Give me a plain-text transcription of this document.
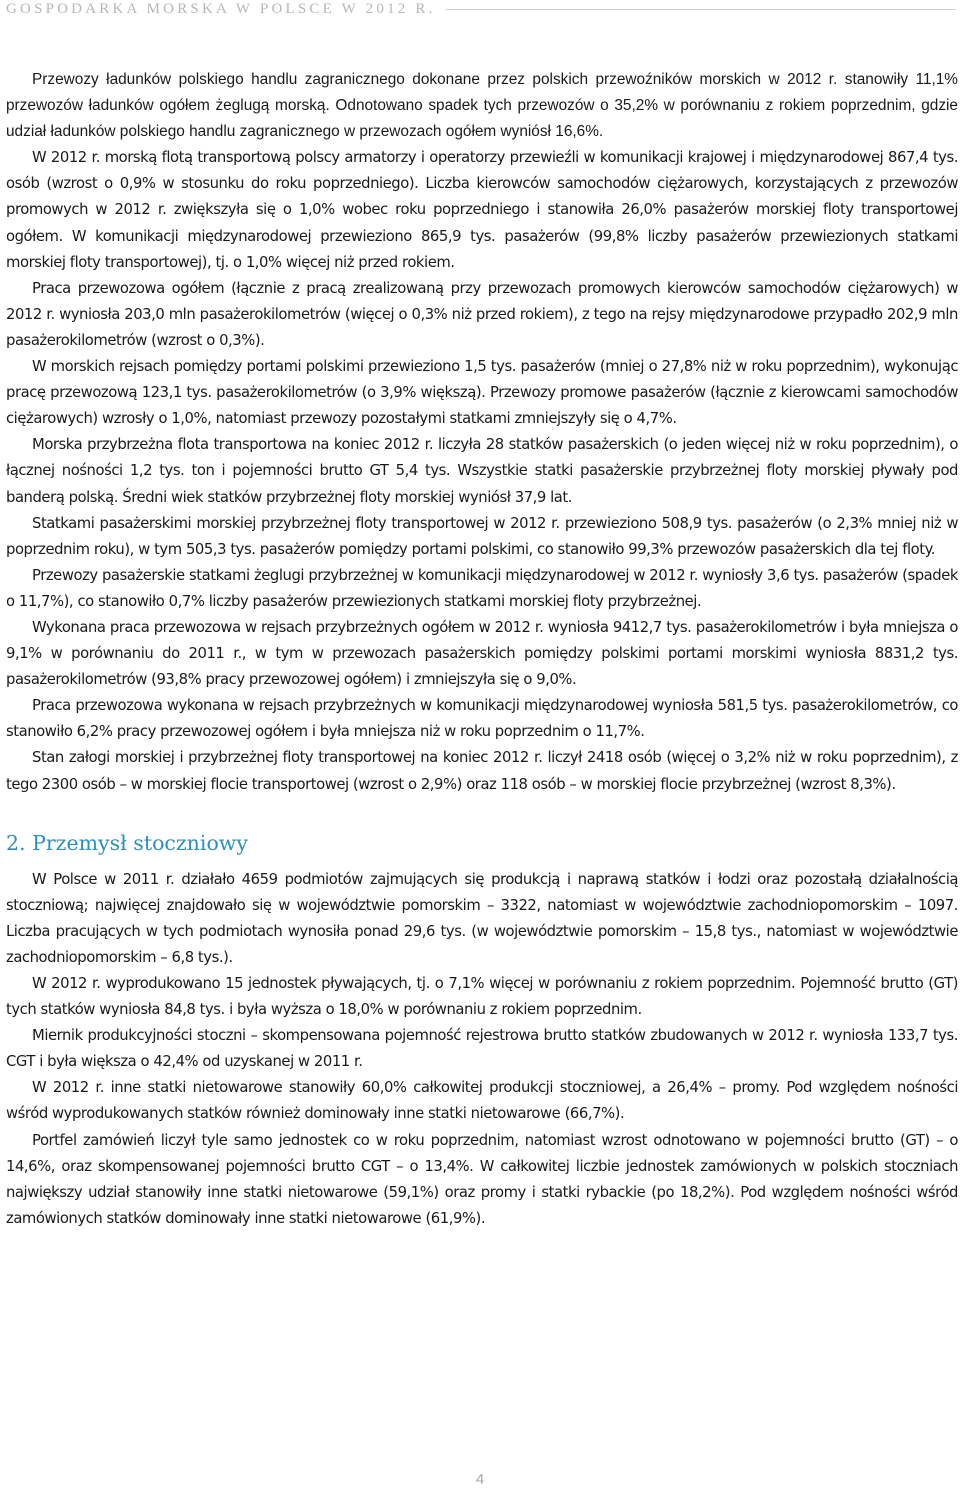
GOSPODARKA MORSKA W POLSCE W 2012 R.

Przewozy ładunków polskiego handlu zagranicznego dokonane przez polskich przewoźników morskich w 2012 r. stanowiły 11,1% przewozów ładunków ogółem żeglugą morską. Odnotowano spadek tych przewozów o 35,2% w porównaniu z rokiem poprzednim, gdzie udział ładunków polskiego handlu zagranicznego w przewozach ogółem wyniósł 16,6%.

W 2012 r. morską flotą transportową polscy armatorzy i operatorzy przewieźli w komunikacji krajowej i międzynarodowej 867,4 tys. osób (wzrost o 0,9% w stosunku do roku poprzedniego). Liczba kierowców samochodów ciężarowych, korzystających z przewozów promowych w 2012 r. zwiększyła się o 1,0% wobec roku poprzedniego i stanowiła 26,0% pasażerów morskiej floty transportowej ogółem. W komunikacji międzynarodowej przewieziono 865,9 tys. pasażerów (99,8% liczby pasażerów przewiezionych statkami morskiej floty transportowej), tj. o 1,0% więcej niż przed rokiem.

Praca przewozowa ogółem (łącznie z pracą zrealizowaną przy przewozach promowych kierowców samochodów ciężarowych) w 2012 r. wyniosła 203,0 mln pasażerokilometrów (więcej o 0,3% niż przed rokiem), z tego na rejsy międzynarodowe przypadło 202,9 mln pasażerokilometrów (wzrost o 0,3%).

W morskich rejsach pomiędzy portami polskimi przewieziono 1,5 tys. pasażerów (mniej o 27,8% niż w roku poprzednim), wykonując pracę przewozową 123,1 tys. pasażerokilometrów (o 3,9% większą). Przewozy promowe pasażerów (łącznie z kierowcami samochodów ciężarowych) wzrosły o 1,0%, natomiast przewozy pozostałymi statkami zmniejszyły się o 4,7%.

Morska przybrzeżna flota transportowa na koniec 2012 r. liczyła 28 statków pasażerskich (o jeden więcej niż w roku poprzednim), o łącznej nośności 1,2 tys. ton i pojemności brutto GT 5,4 tys. Wszystkie statki pasażerskie przybrzeżnej floty morskiej pływały pod banderą polską. Średni wiek statków przybrzeżnej floty morskiej wyniósł 37,9 lat.

Statkami pasażerskimi morskiej przybrzeżnej floty transportowej w 2012 r. przewieziono 508,9 tys. pasażerów (o 2,3% mniej niż w poprzednim roku), w tym 505,3 tys. pasażerów pomiędzy portami polskimi, co stanowiło 99,3% przewozów pasażerskich dla tej floty.

Przewozy pasażerskie statkami żeglugi przybrzeżnej w komunikacji międzynarodowej w 2012 r. wyniosły 3,6 tys. pasażerów (spadek o 11,7%), co stanowiło 0,7% liczby pasażerów przewiezionych statkami morskiej floty przybrzeżnej.

Wykonana praca przewozowa w rejsach przybrzeżnych ogółem w 2012 r. wyniosła 9412,7 tys. pasażerokilometrów i była mniejsza o 9,1% w porównaniu do 2011 r., w tym w przewozach pasażerskich pomiędzy polskimi portami morskimi wyniosła 8831,2 tys. pasażerokilometrów (93,8% pracy przewozowej ogółem) i zmniejszyła się o 9,0%.

Praca przewozowa wykonana w rejsach przybrzeżnych w komunikacji międzynarodowej wyniosła 581,5 tys. pasażerokilometrów, co stanowiło 6,2% pracy przewozowej ogółem i była mniejsza niż w roku poprzednim o 11,7%.

Stan załogi morskiej i przybrzeżnej floty transportowej na koniec 2012 r. liczył 2418 osób (więcej o 3,2% niż w roku poprzednim), z tego 2300 osób – w morskiej flocie transportowej (wzrost o 2,9%) oraz 118 osób – w morskiej flocie przybrzeżnej (wzrost 8,3%).

2. Przemysł stoczniowy

W Polsce w 2011 r. działało 4659 podmiotów zajmujących się produkcją i naprawą statków i łodzi oraz pozostałą działalnością stoczniową; najwięcej znajdowało się w województwie pomorskim – 3322, natomiast w województwie zachodniopomorskim – 1097. Liczba pracujących w tych podmiotach wynosiła ponad 29,6 tys. (w województwie pomorskim – 15,8 tys., natomiast w województwie zachodniopomorskim – 6,8 tys.).

W 2012 r. wyprodukowano 15 jednostek pływających, tj. o 7,1% więcej w porównaniu z rokiem poprzednim. Pojemność brutto (GT) tych statków wyniosła 84,8 tys. i była wyższa o 18,0% w porównaniu z rokiem poprzednim.

Miernik produkcyjności stoczni – skompensowana pojemność rejestrowa brutto statków zbudowanych w 2012 r. wyniosła 133,7 tys. CGT i była większa o 42,4% od uzyskanej w 2011 r.

W 2012 r. inne statki nietowarowe stanowiły 60,0% całkowitej produkcji stoczniowej, a 26,4% – promy. Pod względem nośności wśród wyprodukowanych statków również dominowały inne statki nietowarowe (66,7%).

Portfel zamówień liczył tyle samo jednostek co w roku poprzednim, natomiast wzrost odnotowano w pojemności brutto (GT) – o 14,6%, oraz skompensowanej pojemności brutto CGT – o 13,4%. W całkowitej liczbie jednostek zamówionych w polskich stoczniach największy udział stanowiły inne statki nietowarowe (59,1%) oraz promy i statki rybackie (po 18,2%). Pod względem nośności wśród zamówionych statków dominowały inne statki nietowarowe (61,9%).

4
